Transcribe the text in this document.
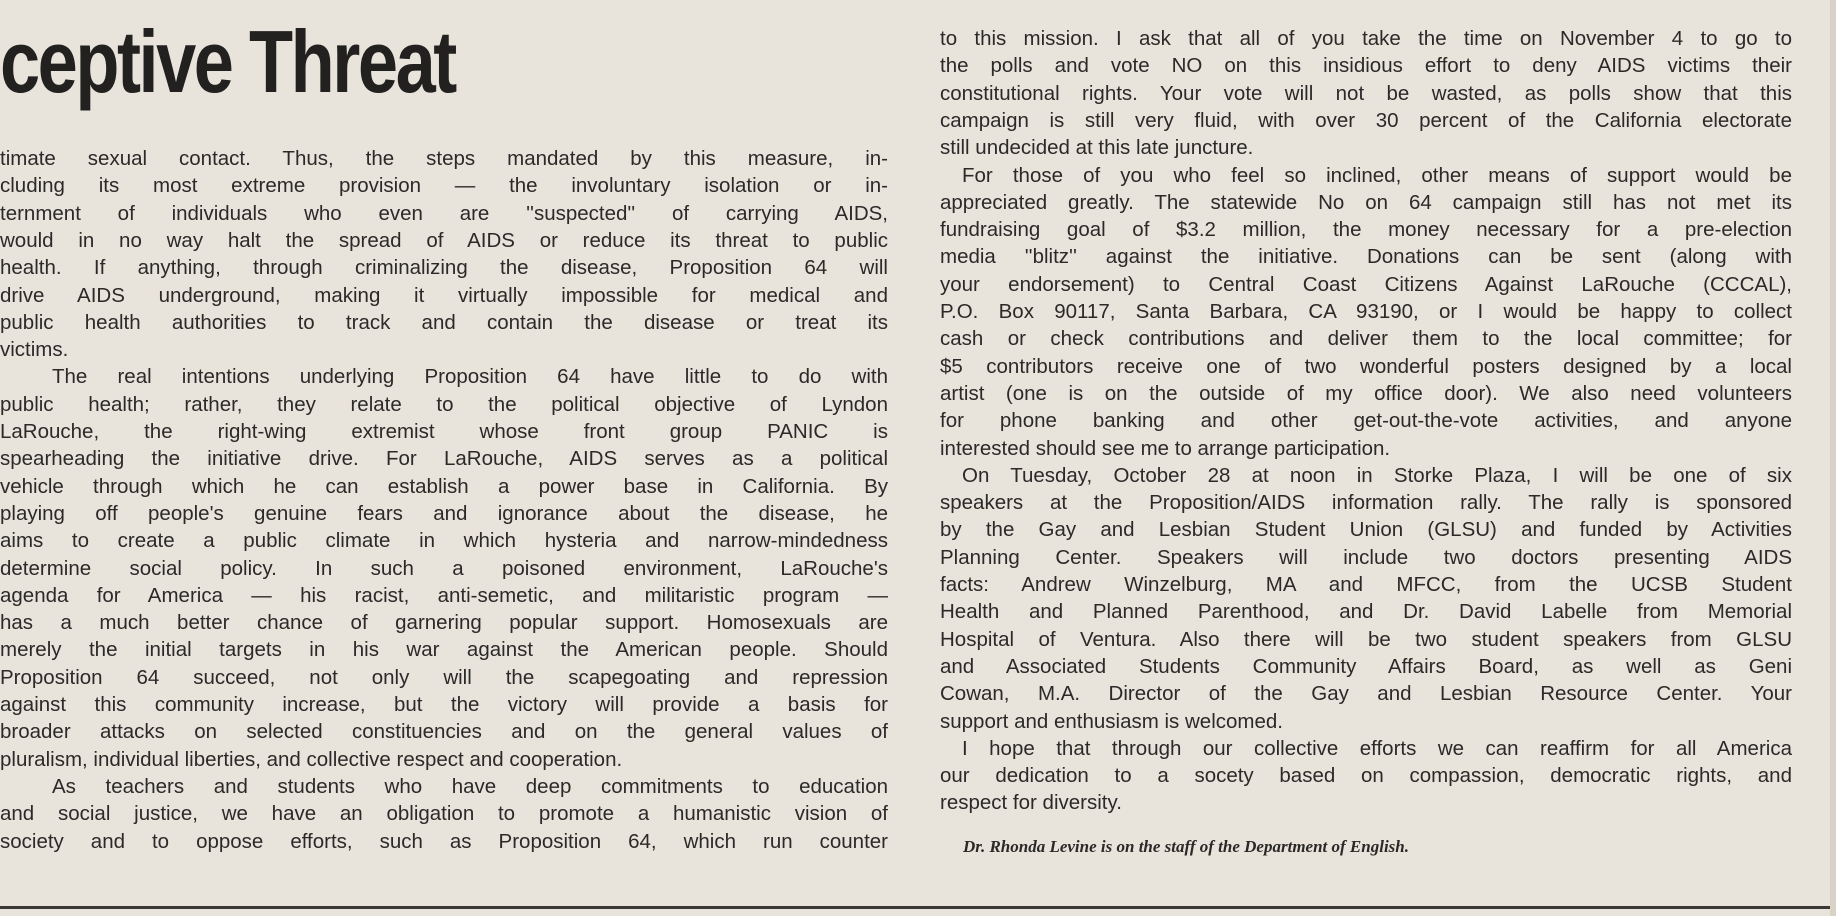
ceptive Threat
timate sexual contact. Thus, the steps mandated by this measure, in-
cluding its most extreme provision — the involuntary isolation or in-
ternment of individuals who even are ''suspected'' of carrying AIDS,
would in no way halt the spread of AIDS or reduce its threat to public
health. If anything, through criminalizing the disease, Proposition 64 will
drive AIDS underground, making it virtually impossible for medical and
public health authorities to track and contain the disease or treat its
victims.
The real intentions underlying Proposition 64 have little to do with
public health; rather, they relate to the political objective of Lyndon
LaRouche, the right-wing extremist whose front group PANIC is
spearheading the initiative drive. For LaRouche, AIDS serves as a political
vehicle through which he can establish a power base in California. By
playing off people's genuine fears and ignorance about the disease, he
aims to create a public climate in which hysteria and narrow-mindedness
determine social policy. In such a poisoned environment, LaRouche's
agenda for America — his racist, anti-semetic, and militaristic program —
has a much better chance of garnering popular support. Homosexuals are
merely the initial targets in his war against the American people. Should
Proposition 64 succeed, not only will the scapegoating and repression
against this community increase, but the victory will provide a basis for
broader attacks on selected constituencies and on the general values of
pluralism, individual liberties, and collective respect and cooperation.
As teachers and students who have deep commitments to education
and social justice, we have an obligation to promote a humanistic vision of
society and to oppose efforts, such as Proposition 64, which run counter
to this mission. I ask that all of you take the time on November 4 to go to
the polls and vote NO on this insidious effort to deny AIDS victims their
constitutional rights. Your vote will not be wasted, as polls show that this
campaign is still very fluid, with over 30 percent of the California electorate
still undecided at this late juncture.
For those of you who feel so inclined, other means of support would be
appreciated greatly. The statewide No on 64 campaign still has not met its
fundraising goal of $3.2 million, the money necessary for a pre-election
media ''blitz'' against the initiative. Donations can be sent (along with
your endorsement) to Central Coast Citizens Against LaRouche (CCCAL),
P.O. Box 90117, Santa Barbara, CA 93190, or I would be happy to collect
cash or check contributions and deliver them to the local committee; for
$5 contributors receive one of two wonderful posters designed by a local
artist (one is on the outside of my office door). We also need volunteers
for phone banking and other get-out-the-vote activities, and anyone
interested should see me to arrange participation.
On Tuesday, October 28 at noon in Storke Plaza, I will be one of six
speakers at the Proposition/AIDS information rally. The rally is sponsored
by the Gay and Lesbian Student Union (GLSU) and funded by Activities
Planning Center. Speakers will include two doctors presenting AIDS
facts: Andrew Winzelburg, MA and MFCC, from the UCSB Student
Health and Planned Parenthood, and Dr. David Labelle from Memorial
Hospital of Ventura. Also there will be two student speakers from GLSU
and Associated Students Community Affairs Board, as well as Geni
Cowan, M.A. Director of the Gay and Lesbian Resource Center. Your
support and enthusiasm is welcomed.
I hope that through our collective efforts we can reaffirm for all America
our dedication to a socety based on compassion, democratic rights, and
respect for diversity.
Dr. Rhonda Levine is on the staff of the Department of English.
